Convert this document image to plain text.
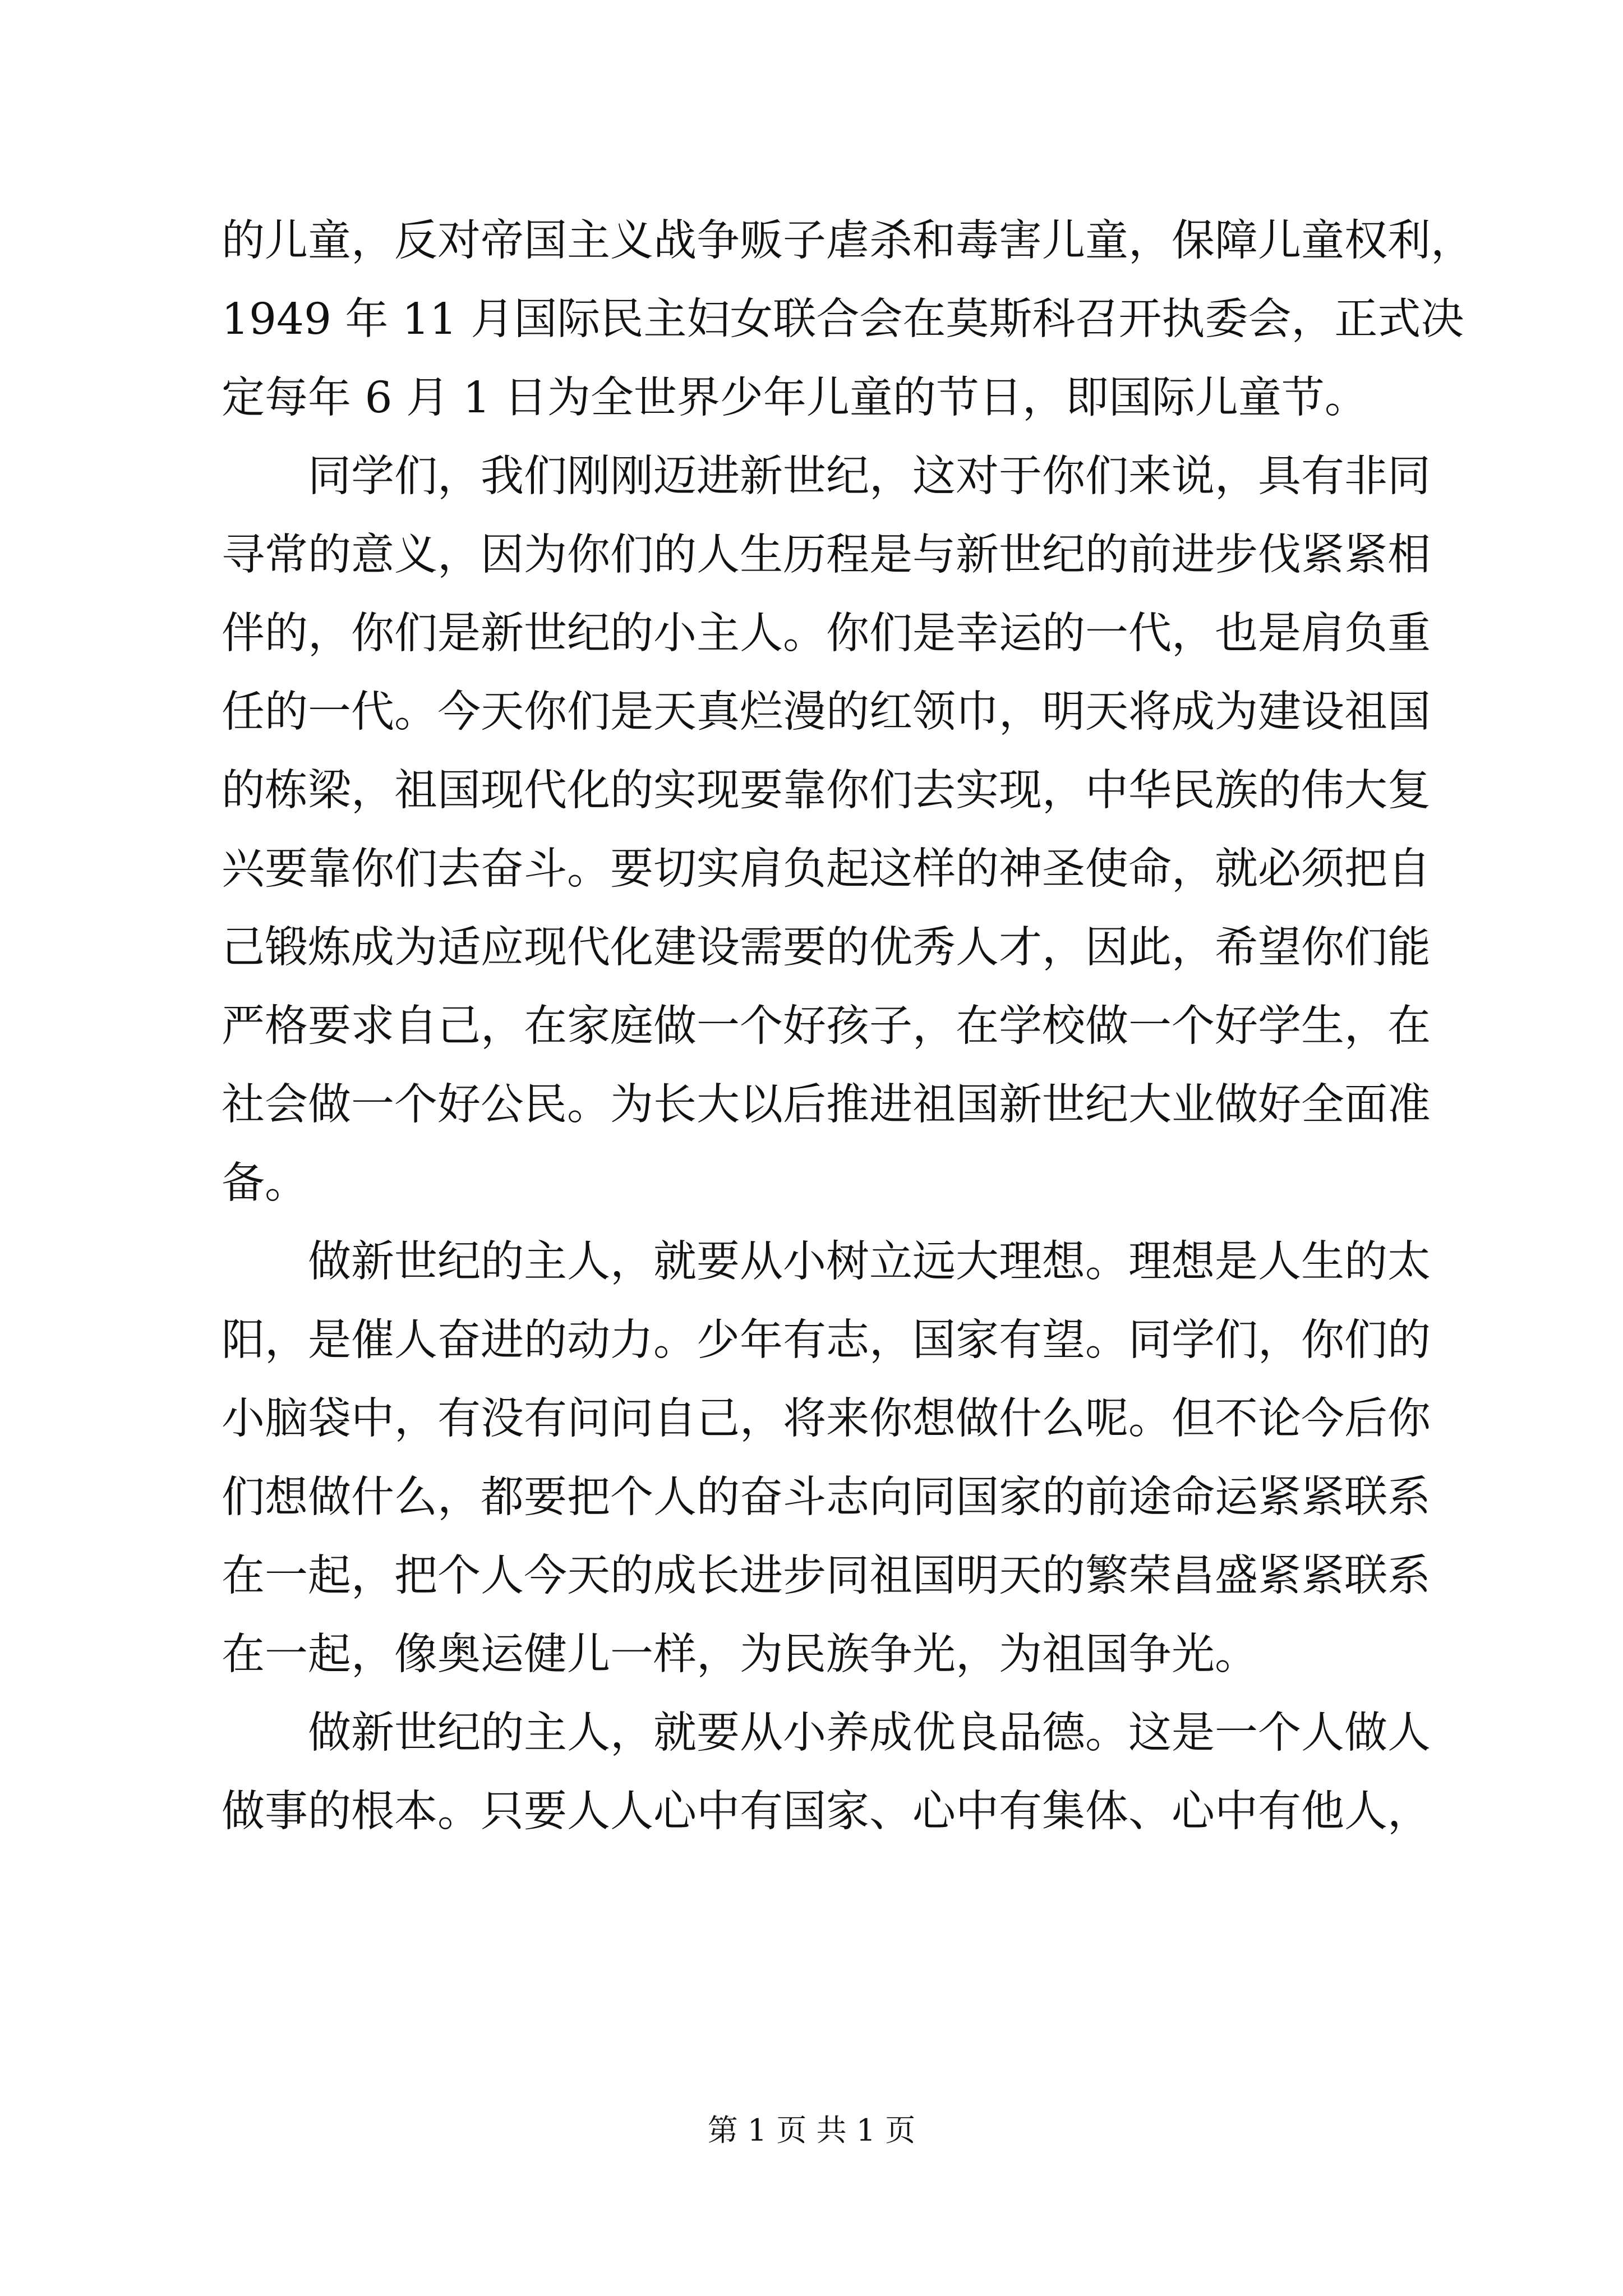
的儿童，反对帝国主义战争贩子虐杀和毒害儿童，保障儿童权利，
1949 年 11 月国际民主妇女联合会在莫斯科召开执委会，正式决
定每年 6 月 1 日为全世界少年儿童的节日，即国际儿童节。
同学们，我们刚刚迈进新世纪，这对于你们来说，具有非同
寻常的意义，因为你们的人生历程是与新世纪的前进步伐紧紧相
伴的，你们是新世纪的小主人。你们是幸运的一代，也是肩负重
任的一代。今天你们是天真烂漫的红领巾，明天将成为建设祖国
的栋梁，祖国现代化的实现要靠你们去实现，中华民族的伟大复
兴要靠你们去奋斗。要切实肩负起这样的神圣使命，就必须把自
己锻炼成为适应现代化建设需要的优秀人才，因此，希望你们能
严格要求自己，在家庭做一个好孩子，在学校做一个好学生，在
社会做一个好公民。为长大以后推进祖国新世纪大业做好全面准
备。
做新世纪的主人，就要从小树立远大理想。理想是人生的太
阳，是催人奋进的动力。少年有志，国家有望。同学们，你们的
小脑袋中，有没有问问自己，将来你想做什么呢。但不论今后你
们想做什么，都要把个人的奋斗志向同国家的前途命运紧紧联系
在一起，把个人今天的成长进步同祖国明天的繁荣昌盛紧紧联系
在一起，像奥运健儿一样，为民族争光，为祖国争光。
做新世纪的主人，就要从小养成优良品德。这是一个人做人
做事的根本。只要人人心中有国家、心中有集体、心中有他人，
第 1 页 共 1 页
